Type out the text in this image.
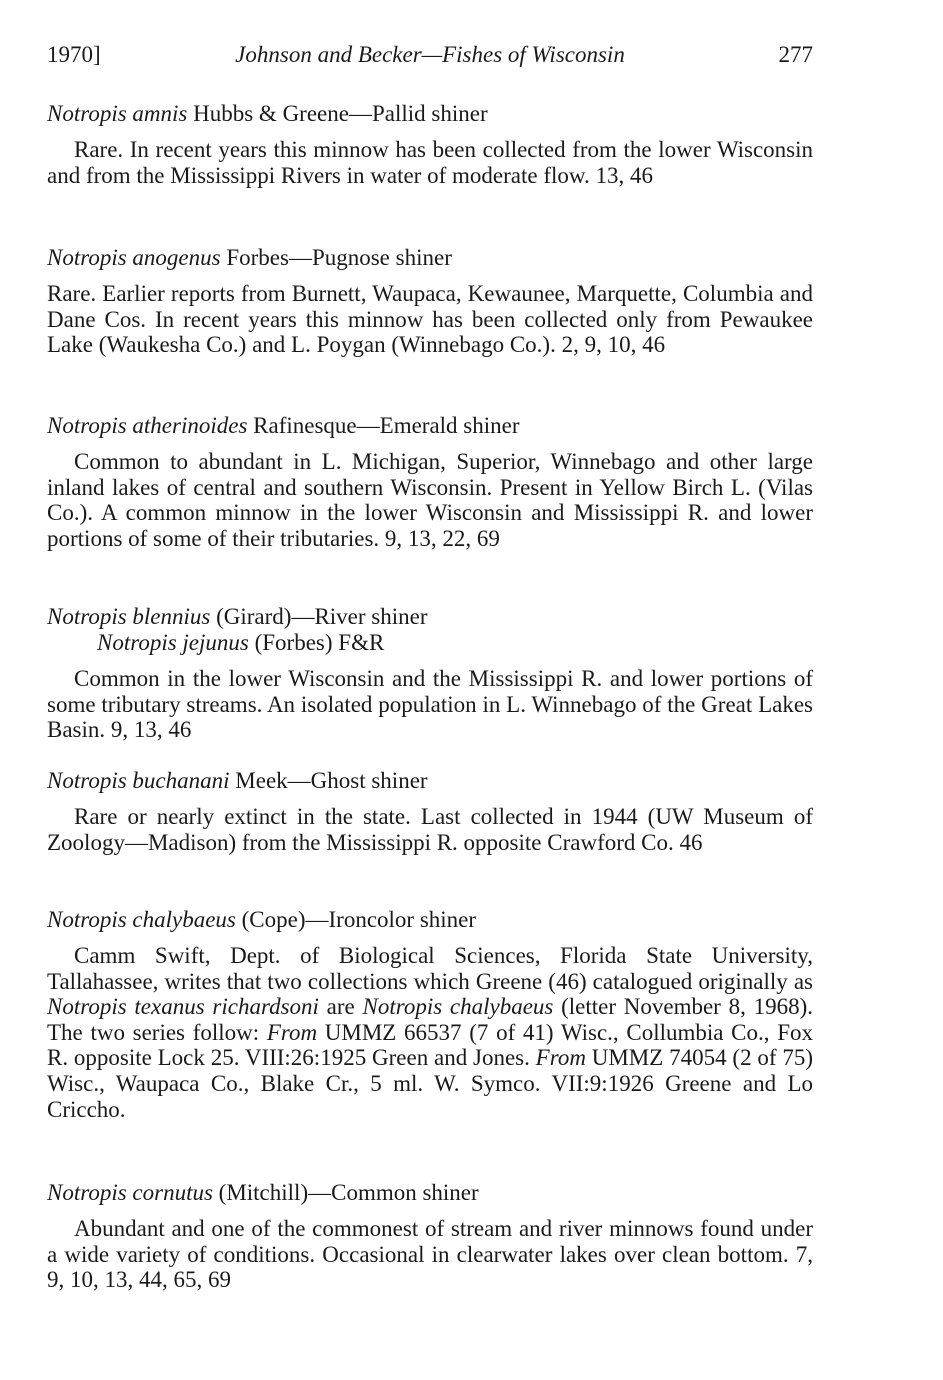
1970]	Johnson and Becker—Fishes of Wisconsin	277

Notropis amnis Hubbs & Greene—Pallid shiner

Rare. In recent years this minnow has been collected from the lower Wisconsin and from the Mississippi Rivers in water of moderate flow. 13, 46

Notropis anogenus Forbes—Pugnose shiner

Rare. Earlier reports from Burnett, Waupaca, Kewaunee, Marquette, Columbia and Dane Cos. In recent years this minnow has been collected only from Pewaukee Lake (Waukesha Co.) and L. Poygan (Winnebago Co.). 2, 9, 10, 46

Notropis atherinoides Rafinesque—Emerald shiner

Common to abundant in L. Michigan, Superior, Winnebago and other large inland lakes of central and southern Wisconsin. Present in Yellow Birch L. (Vilas Co.). A common minnow in the lower Wisconsin and Mississippi R. and lower portions of some of their tributaries. 9, 13, 22, 69

Notropis blennius (Girard)—River shiner

Notropis jejunus (Forbes) F&R

Common in the lower Wisconsin and the Mississippi R. and lower portions of some tributary streams. An isolated population in L. Winnebago of the Great Lakes Basin. 9, 13, 46

Notropis buchanani Meek—Ghost shiner

Rare or nearly extinct in the state. Last collected in 1944 (UW Museum of Zoology—Madison) from the Mississippi R. opposite Crawford Co. 46

Notropis chalybaeus (Cope)—Ironcolor shiner

Camm Swift, Dept. of Biological Sciences, Florida State University, Tallahassee, writes that two collections which Greene (46) catalogued originally as Notropis texanus richardsoni are Notropis chalybaeus (letter November 8, 1968). The two series follow: From UMMZ 66537 (7 of 41) Wisc., Collumbia Co., Fox R. opposite Lock 25. VIII:26:1925 Green and Jones. From UMMZ 74054 (2 of 75) Wisc., Waupaca Co., Blake Cr., 5 ml. W. Symco. VII:9:1926 Greene and Lo Criccho.

Notropis cornutus (Mitchill)—Common shiner

Abundant and one of the commonest of stream and river minnows found under a wide variety of conditions. Occasional in clearwater lakes over clean bottom. 7, 9, 10, 13, 44, 65, 69
